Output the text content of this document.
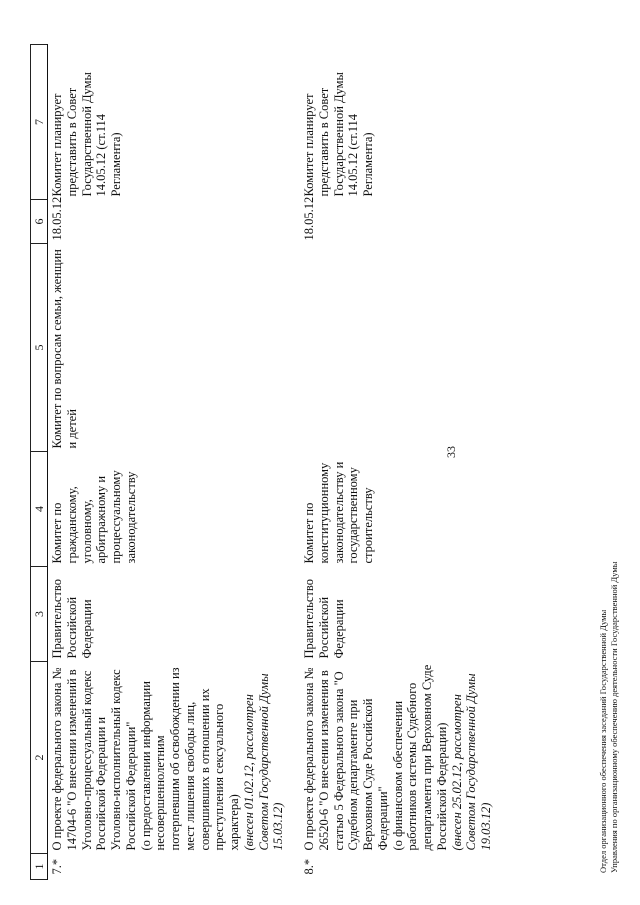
33
1	2	3	4	5	6	7
7.*	О проекте федерального закона № 14704-6 "О внесении изменений в Уголовно-процессуальный кодекс Российской Федерации и Уголовно-исполнительный кодекс Российской Федерации" (о предоставлении информации несовершеннолетним потерпевшим об освобождении из мест лишения свободы лиц, совершивших в отношении их преступления сексуального характера) (внесен 01.02.12, рассмотрен Советом Государственной Думы 15.03.12)	Правительство Российской Федерации	Комитет по гражданскому, уголовному, арбитражному и процессуальному законодательству	Комитет по вопросам семьи, женщин и детей	18.05.12	Комитет планирует представить в Совет Государственной Думы 14.05.12 (ст.114 Регламента)
8.*	О проекте федерального закона № 26520-6 "О внесении изменения в статью 5 Федерального закона "О Судебном департаменте при Верховном Суде Российской Федерации" (о финансовом обеспечении работников системы Судебного департамента при Верховном Суде Российской Федерации) (внесен 25.02.12, рассмотрен Советом Государственной Думы 19.03.12)	Правительство Российской Федерации	Комитет по конституционному законодательству и государственному строительству		18.05.12	Комитет планирует представить в Совет Государственной Думы 14.05.12 (ст.114 Регламента)
Отдел организационного обеспечения заседаний Государственной Думы Управления по организационному обеспечению деятельности Государственной Думы
